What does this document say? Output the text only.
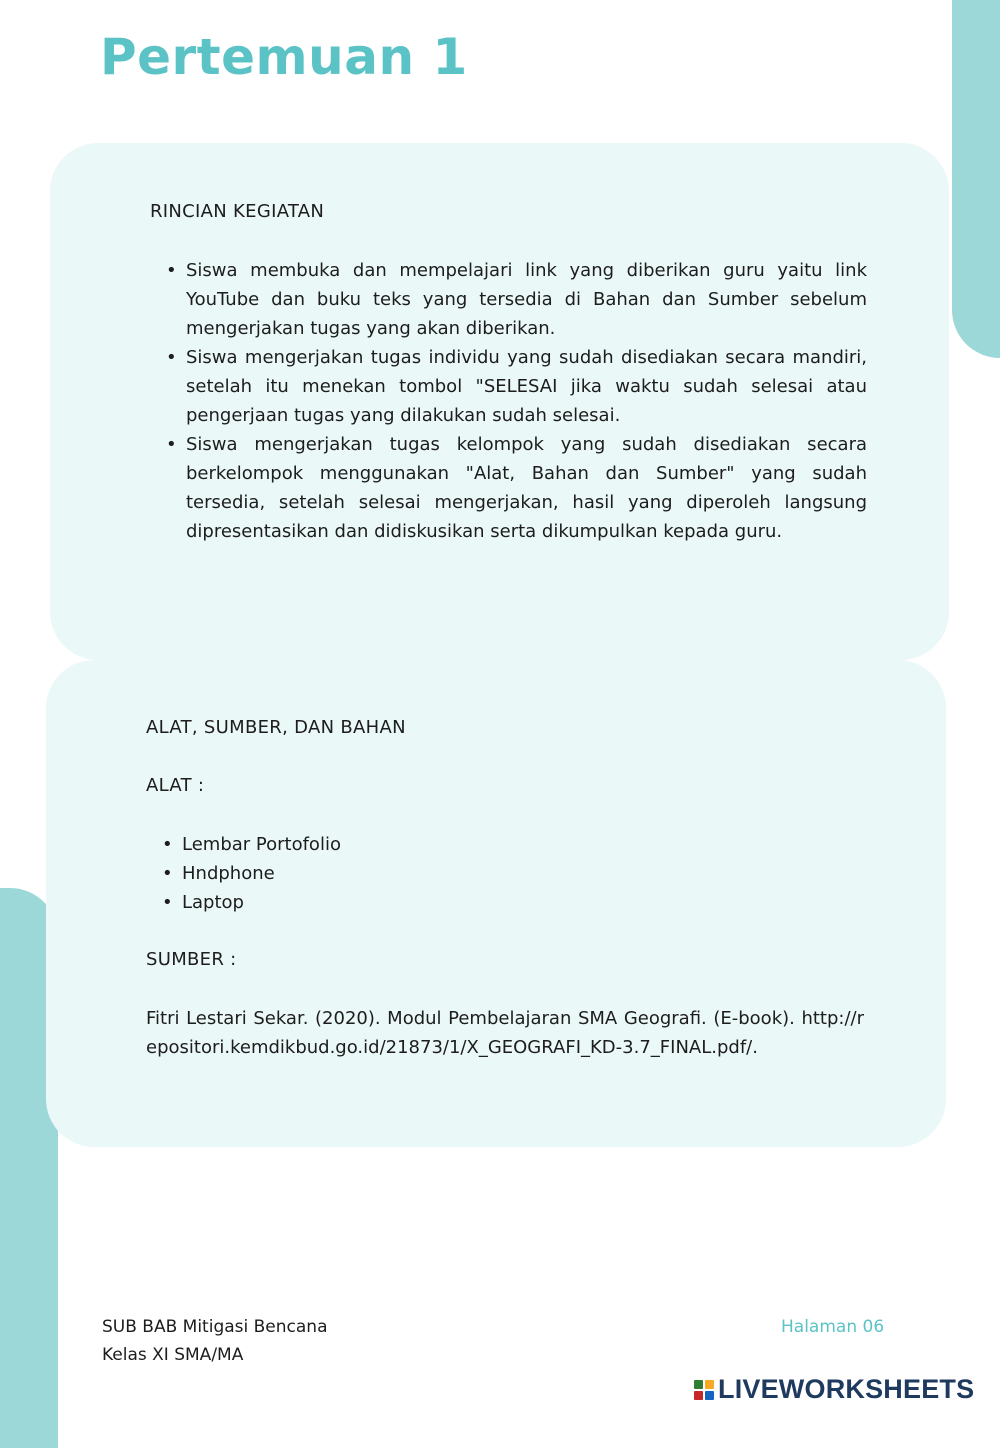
Pertemuan 1
RINCIAN KEGIATAN
• Siswa membuka dan mempelajari link yang diberikan guru yaitu link YouTube dan buku teks yang tersedia di Bahan dan Sumber sebelum mengerjakan tugas yang akan diberikan.
• Siswa mengerjakan tugas individu yang sudah disediakan secara mandiri, setelah itu menekan tombol "SELESAI jika waktu sudah selesai atau pengerjaan tugas yang dilakukan sudah selesai.
• Siswa mengerjakan tugas kelompok yang sudah disediakan secara berkelompok menggunakan "Alat, Bahan dan Sumber" yang sudah tersedia, setelah selesai mengerjakan, hasil yang diperoleh langsung dipresentasikan dan didiskusikan serta dikumpulkan kepada guru.
ALAT, SUMBER, DAN BAHAN
ALAT :
• Lembar Portofolio
• Hndphone
• Laptop
SUMBER :

Fitri Lestari Sekar. (2020). Modul Pembelajaran SMA Geografi. (E-book). http://repositori.kemdikbud.go.id/21873/1/X_GEOGRAFI_KD-3.7_FINAL.pdf/.

SUB BAB Mitigasi Bencana
Kelas XI SMA/MA
Halaman 06
LIVEWORKSHEETS
